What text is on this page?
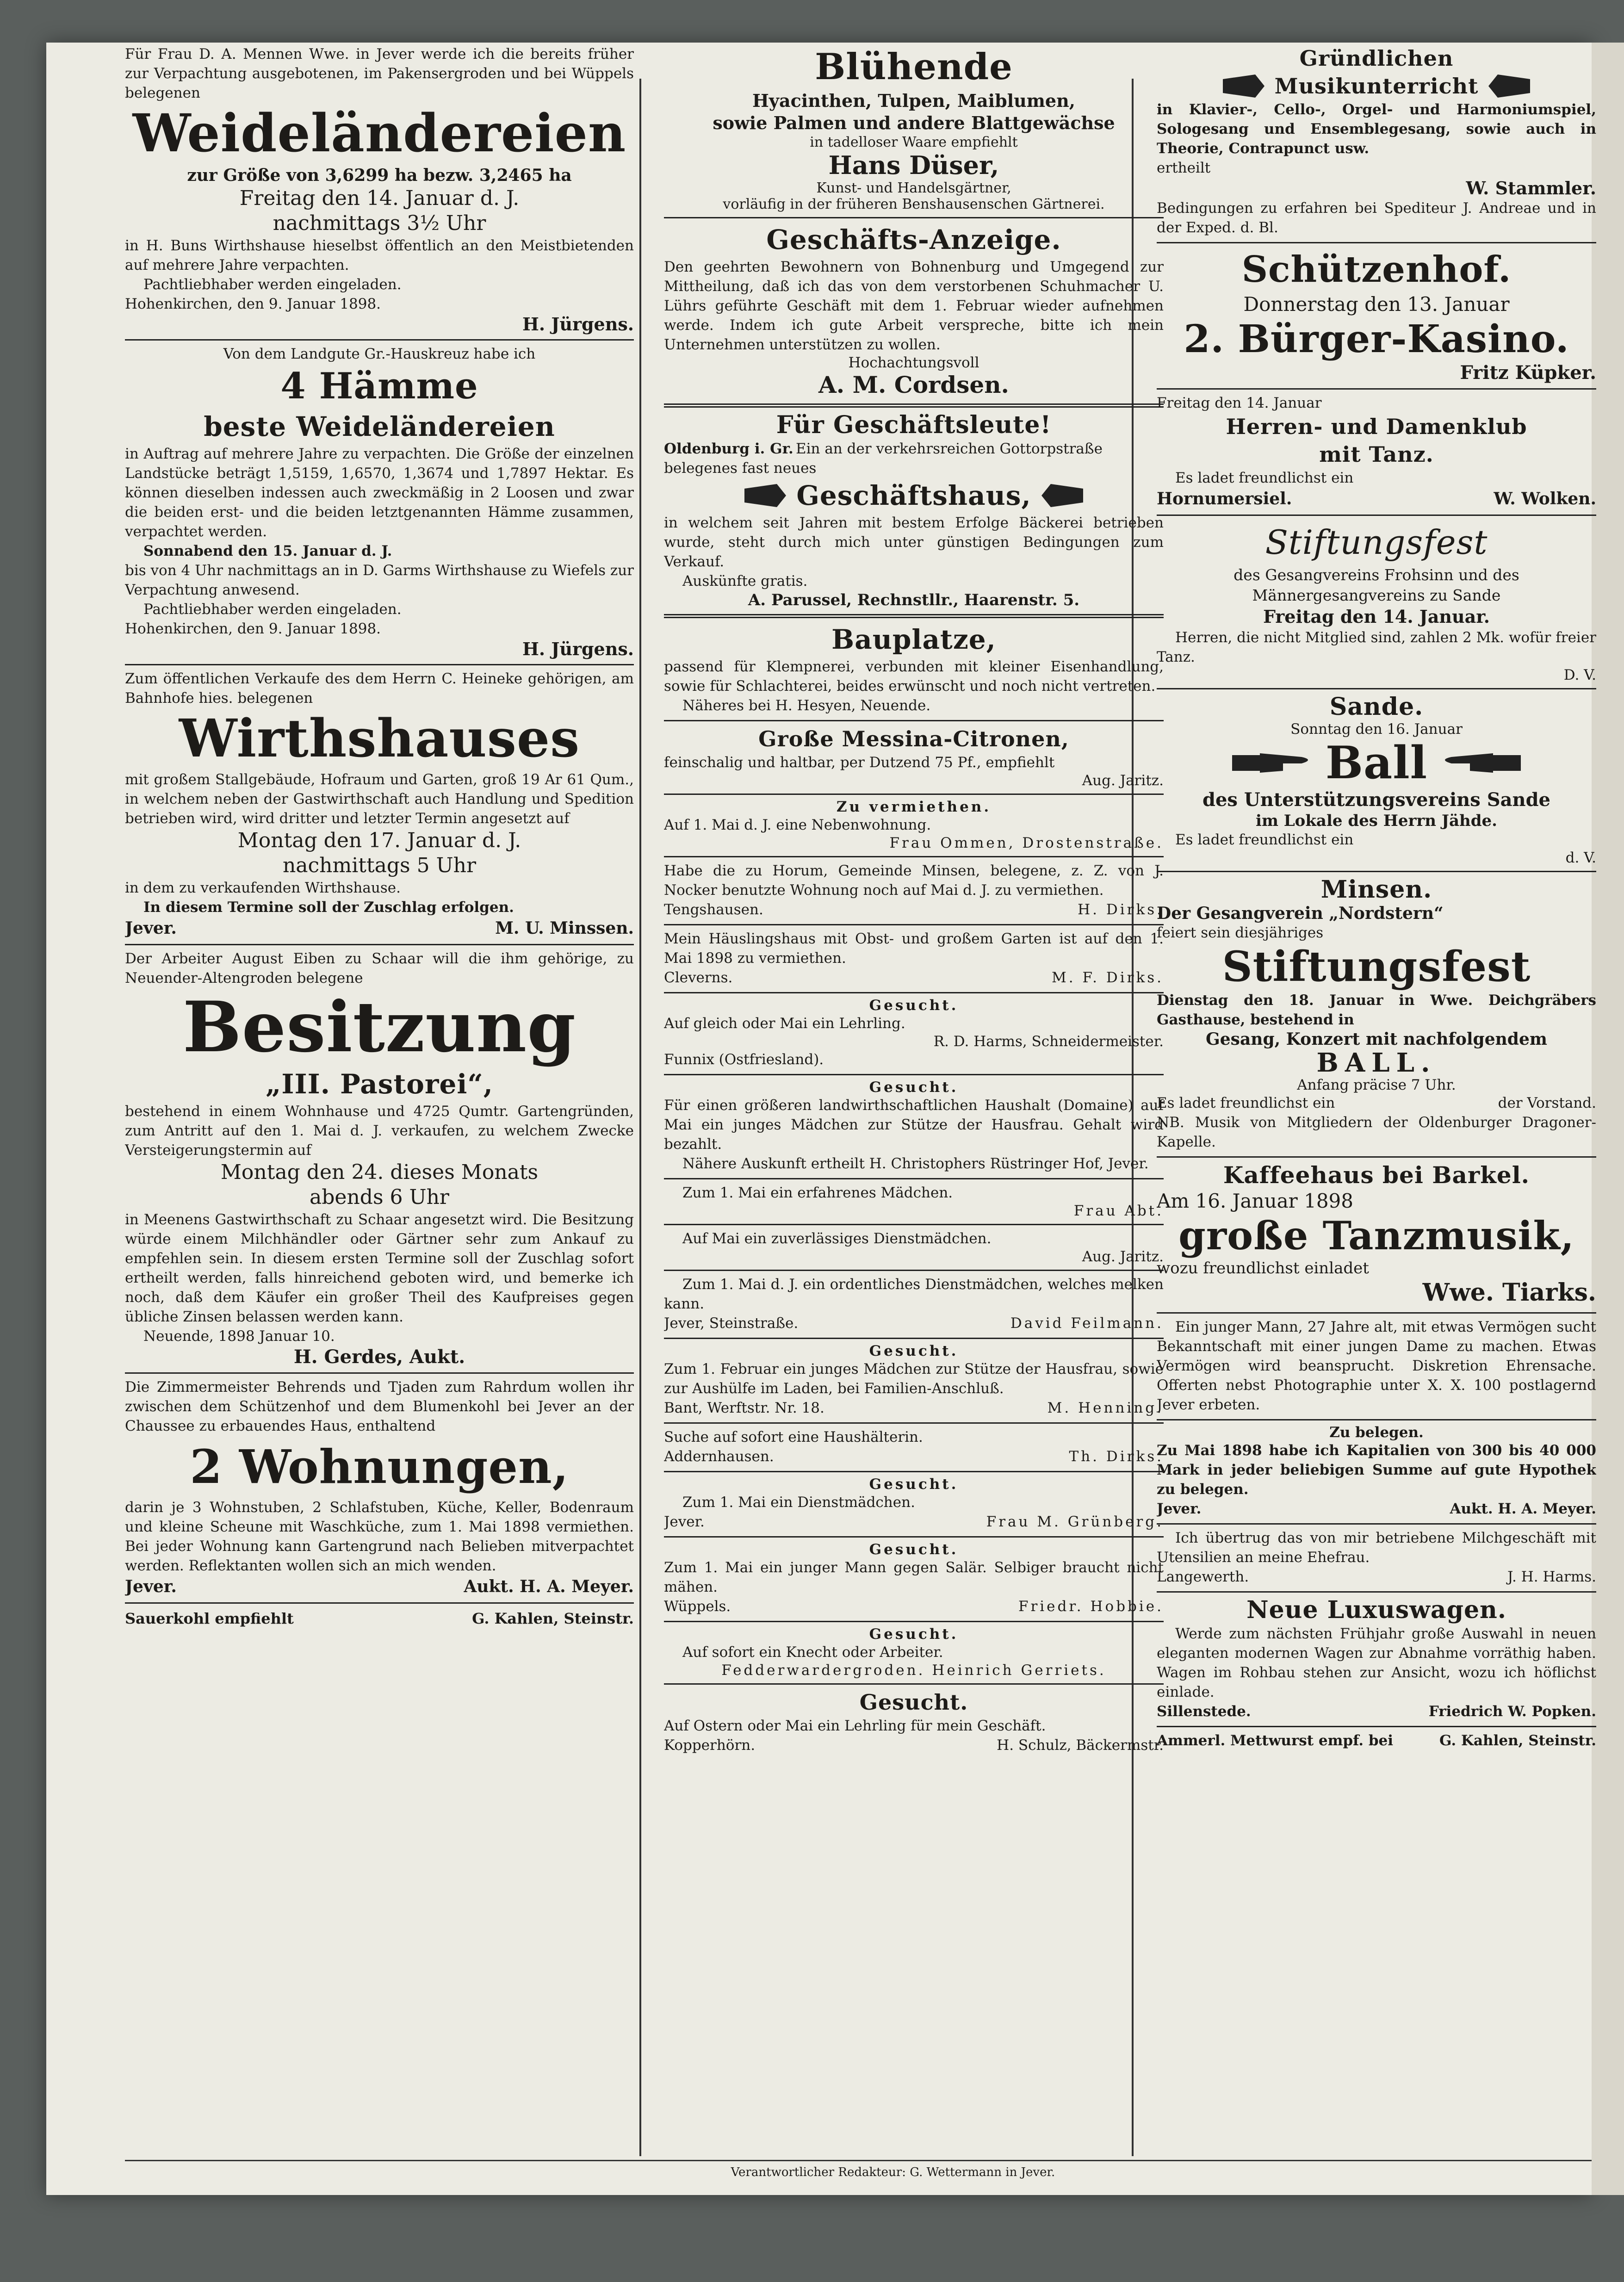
Für Frau D. A. Mennen Wwe. in Jever werde ich die bereits früher zur Verpachtung ausgebotenen, im Pakensergroden und bei Wüppels belegenen

Weideländereien

zur Größe von 3,6299 ha bezw. 3,2465 ha

Freitag den 14. Januar d. J.

nachmittags 3½ Uhr

in H. Buns Wirthshause hieselbst öffentlich an den Meistbietenden auf mehrere Jahre verpachten.

Pachtliebhaber werden eingeladen.

Hohenkirchen, den 9. Januar 1898.

H. Jürgens.

Von dem Landgute Gr.-Hauskreuz habe ich

4 Hämme

beste Weideländereien

in Auftrag auf mehrere Jahre zu verpachten. Die Größe der einzelnen Landstücke beträgt 1,5159, 1,6570, 1,3674 und 1,7897 Hektar. Es können dieselben indessen auch zweckmäßig in 2 Loosen und zwar die beiden erst- und die beiden letztgenannten Hämme zusammen, verpachtet werden.

Sonnabend den 15. Januar d. J.

bis von 4 Uhr nachmittags an in D. Garms Wirthshause zu Wiefels zur Verpachtung anwesend.

Pachtliebhaber werden eingeladen.

Hohenkirchen, den 9. Januar 1898.

H. Jürgens.

Zum öffentlichen Verkaufe des dem Herrn C. Heineke gehörigen, am Bahnhofe hies. belegenen

Wirthshauses

mit großem Stallgebäude, Hofraum und Garten, groß 19 Ar 61 Qum., in welchem neben der Gastwirthschaft auch Handlung und Spedition betrieben wird, wird dritter und letzter Termin angesetzt auf

Montag den 17. Januar d. J.

nachmittags 5 Uhr

in dem zu verkaufenden Wirthshause.

In diesem Termine soll der Zuschlag erfolgen.

Jever.	M. U. Minssen.

Der Arbeiter August Eiben zu Schaar will die ihm gehörige, zu Neuender-Altengroden belegene

Besitzung

„III. Pastorei“,

bestehend in einem Wohnhause und 4725 Qumtr. Gartengründen, zum Antritt auf den 1. Mai d. J. verkaufen, zu welchem Zwecke Versteigerungstermin auf

Montag den 24. dieses Monats

abends 6 Uhr

in Meenens Gastwirthschaft zu Schaar angesetzt wird. Die Besitzung würde einem Milchhändler oder Gärtner sehr zum Ankauf zu empfehlen sein. In diesem ersten Termine soll der Zuschlag sofort ertheilt werden, falls hinreichend geboten wird, und bemerke ich noch, daß dem Käufer ein großer Theil des Kaufpreises gegen übliche Zinsen belassen werden kann.

Neuende, 1898 Januar 10.

H. Gerdes, Aukt.

Die Zimmermeister Behrends und Tjaden zum Rahrdum wollen ihr zwischen dem Schützenhof und dem Blumenkohl bei Jever an der Chaussee zu erbauendes Haus, enthaltend

2 Wohnungen,

darin je 3 Wohnstuben, 2 Schlafstuben, Küche, Keller, Bodenraum und kleine Scheune mit Waschküche, zum 1. Mai 1898 vermiethen. Bei jeder Wohnung kann Gartengrund nach Belieben mitverpachtet werden. Reflektanten wollen sich an mich wenden.

Jever.	Aukt. H. A. Meyer.
Sauerkohl empfiehlt	G. Kahlen, Steinstr.

Blühende

Hyacinthen, Tulpen, Maiblumen,

sowie Palmen und andere Blattgewächse

in tadelloser Waare empfiehlt

Hans Düser,

Kunst- und Handelsgärtner,

vorläufig in der früheren Benshausenschen Gärtnerei.

Geschäfts-Anzeige.

Den geehrten Bewohnern von Bohnenburg und Umgegend zur Mittheilung, daß ich das von dem verstorbenen Schuhmacher U. Lührs geführte Geschäft mit dem 1. Februar wieder aufnehmen werde. Indem ich gute Arbeit verspreche, bitte ich mein Unternehmen unterstützen zu wollen.

Hochachtungsvoll

A. M. Cordsen.

Für Geschäftsleute!

Oldenburg i. Gr.

Ein an der verkehrsreichen Gottorpstraße belegenes fast neues

Geschäftshaus,

in welchem seit Jahren mit bestem Erfolge Bäckerei betrieben wurde, steht durch mich unter günstigen Bedingungen zum Verkauf.

Auskünfte gratis.

A. Parussel, Rechnstllr., Haarenstr. 5.

Bauplatze,

passend für Klempnerei, verbunden mit kleiner Eisenhandlung, sowie für Schlachterei, beides erwünscht und noch nicht vertreten.

Näheres bei H. Hesyen, Neuende.

Große Messina-Citronen,

feinschalig und haltbar, per Dutzend 75 Pf., empfiehlt

Aug. Jaritz.

Zu vermiethen.

Auf 1. Mai d. J. eine Nebenwohnung.

Frau Ommen, Drostenstraße.

Habe die zu Horum, Gemeinde Minsen, belegene, z. Z. von J. Nocker benutzte Wohnung noch auf Mai d. J. zu vermiethen.

Tengshausen.	H. Dirks.

Mein Häuslingshaus mit Obst- und großem Garten ist auf den 1. Mai 1898 zu vermiethen.

Cleverns.	M. F. Dirks.

Gesucht.

Auf gleich oder Mai ein Lehrling.

R. D. Harms, Schneidermeister.

Funnix (Ostfriesland).

Gesucht.

Für einen größeren landwirthschaftlichen Haushalt (Domaine) auf Mai ein junges Mädchen zur Stütze der Hausfrau. Gehalt wird bezahlt.

Nähere Auskunft ertheilt H. Christophers Rüstringer Hof, Jever.

Zum 1. Mai ein erfahrenes Mädchen.

Frau Abt.

Auf Mai ein zuverlässiges Dienstmädchen.

Aug. Jaritz.

Zum 1. Mai d. J. ein ordentliches Dienstmädchen, welches melken kann.

Jever, Steinstraße.	David Feilmann.

Gesucht.

Zum 1. Februar ein junges Mädchen zur Stütze der Hausfrau, sowie zur Aushülfe im Laden, bei Familien-Anschluß.

Bant, Werftstr. Nr. 18.	M. Henning.

Suche auf sofort eine Haushälterin.

Addernhausen.	Th. Dirks.

Gesucht.

Zum 1. Mai ein Dienstmädchen.

Jever.	Frau M. Grünberg.

Gesucht.

Zum 1. Mai ein junger Mann gegen Salär. Selbiger braucht nicht mähen.

Wüppels.	Friedr. Hobbie.

Gesucht.

Auf sofort ein Knecht oder Arbeiter.

Fedderwardergroden. Heinrich Gerriets.

Gesucht.

Auf Ostern oder Mai ein Lehrling für mein Geschäft.

Kopperhörn.	H. Schulz, Bäckermstr.

Gründlichen

Musikunterricht

in Klavier-, Cello-, Orgel- und Harmoniumspiel, Sologesang und Ensemblegesang, sowie auch in Theorie, Contrapunct usw.

ertheilt

W. Stammler.

Bedingungen zu erfahren bei Spediteur J. Andreae und in der Exped. d. Bl.

Schützenhof.

Donnerstag den 13. Januar

2. Bürger-Kasino.

Fritz Küpker.

Freitag den 14. Januar

Herren- und Damenklub

mit Tanz.

Es ladet freundlichst ein

Hornumersiel.	W. Wolken.

Stiftungsfest

des Gesangvereins Frohsinn und des Männergesangvereins zu Sande

Freitag den 14. Januar.

Herren, die nicht Mitglied sind, zahlen 2 Mk. wofür freier Tanz.

D. V.

Sande.

Sonntag den 16. Januar

Ball

des Unterstützungsvereins Sande

im Lokale des Herrn Jähde.

Es ladet freundlichst ein

d. V.

Minsen.

Der Gesangverein „Nordstern“

feiert sein diesjähriges

Stiftungsfest

Dienstag den 18. Januar in Wwe. Deichgräbers Gasthause, bestehend in

Gesang, Konzert mit nachfolgendem

BALL.

Anfang präcise 7 Uhr.

Es ladet freundlichst ein	der Vorstand.

NB. Musik von Mitgliedern der Oldenburger Dragoner-Kapelle.

Kaffeehaus bei Barkel.

Am 16. Januar 1898

große Tanzmusik,

wozu freundlichst einladet

Wwe. Tiarks.

Ein junger Mann, 27 Jahre alt, mit etwas Vermögen sucht Bekanntschaft mit einer jungen Dame zu machen. Etwas Vermögen wird beansprucht. Diskretion Ehrensache. Offerten nebst Photographie unter X. X. 100 postlagernd Jever erbeten.

Zu belegen.

Zu Mai 1898 habe ich Kapitalien von 300 bis 40 000 Mark in jeder beliebigen Summe auf gute Hypothek zu belegen.

Jever.	Aukt. H. A. Meyer.

Ich übertrug das von mir betriebene Milchgeschäft mit Utensilien an meine Ehefrau.

Langewerth.	J. H. Harms.

Neue Luxuswagen.

Werde zum nächsten Frühjahr große Auswahl in neuen eleganten modernen Wagen zur Abnahme vorräthig haben. Wagen im Rohbau stehen zur Ansicht, wozu ich höflichst einlade.

Sillenstede.	Friedrich W. Popken.
Ammerl. Mettwurst empf. bei	G. Kahlen, Steinstr.
Verantwortlicher Redakteur: G. Wettermann in Jever.
